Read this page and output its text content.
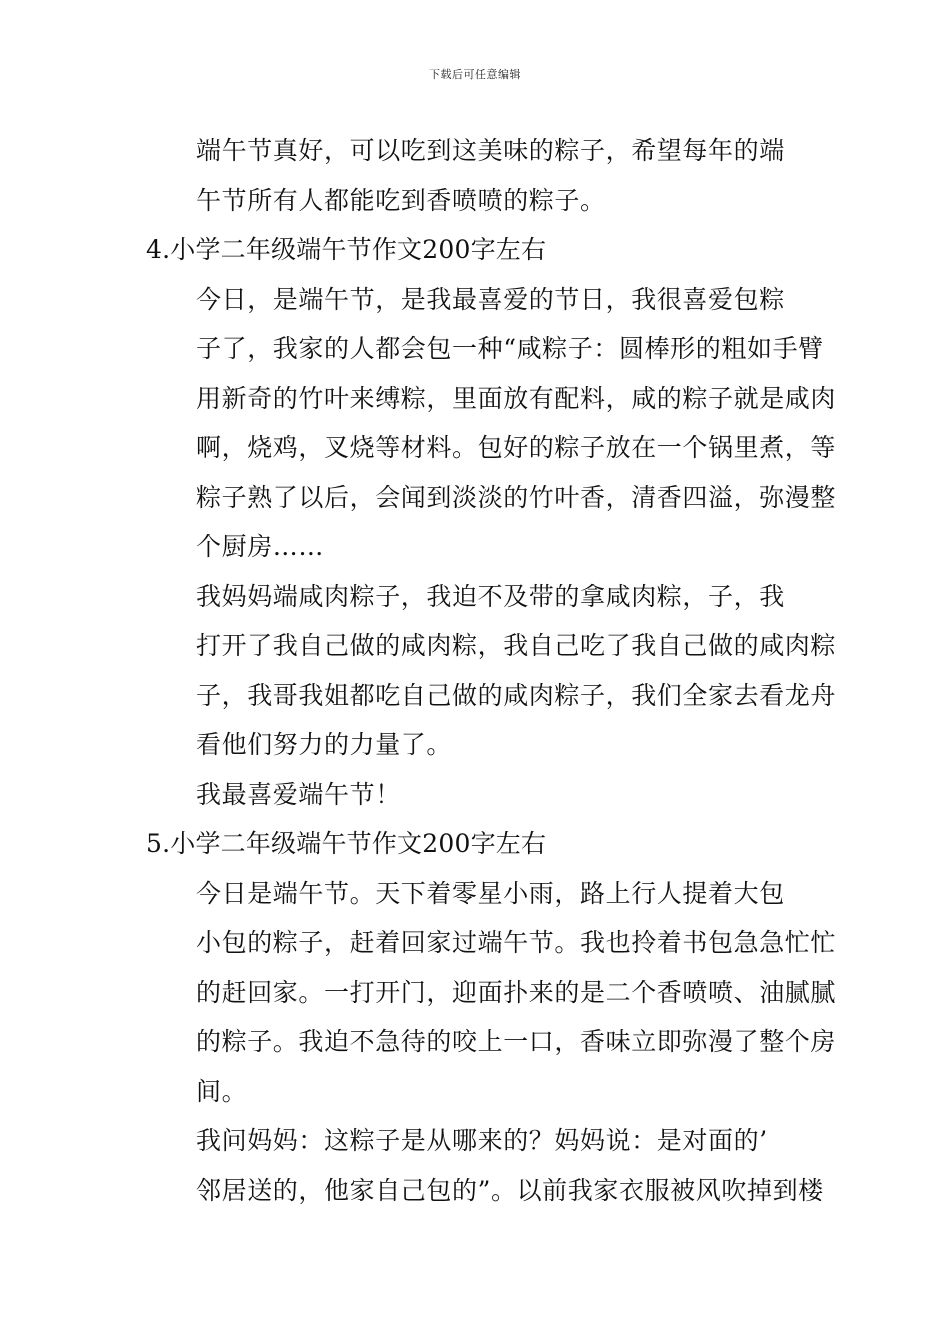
下载后可任意编辑

端午节真好，可以吃到这美味的粽子，希望每年的端
午节所有人都能吃到香喷喷的粽子。

4.小学二年级端午节作文200字左右

今日，是端午节，是我最喜爱的节日，我很喜爱包粽
子了，我家的人都会包一种“咸粽子：圆棒形的粗如手臂
用新奇的竹叶来缚粽，里面放有配料，咸的粽子就是咸肉
啊，烧鸡，叉烧等材料。包好的粽子放在一个锅里煮，等
粽子熟了以后，会闻到淡淡的竹叶香，清香四溢，弥漫整
个厨房……

我妈妈端咸肉粽子，我迫不及带的拿咸肉粽，子，我
打开了我自己做的咸肉粽，我自己吃了我自己做的咸肉粽
子，我哥我姐都吃自己做的咸肉粽子，我们全家去看龙舟
看他们努力的力量了。

我最喜爱端午节！

5.小学二年级端午节作文200字左右

今日是端午节。天下着零星小雨，路上行人提着大包
小包的粽子，赶着回家过端午节。我也拎着书包急急忙忙
的赶回家。一打开门，迎面扑来的是二个香喷喷、油腻腻
的粽子。我迫不急待的咬上一口，香味立即弥漫了整个房
间。

我问妈妈：这粽子是从哪来的？妈妈说：是对面的’
邻居送的，他家自己包的”。以前我家衣服被风吹掉到楼
